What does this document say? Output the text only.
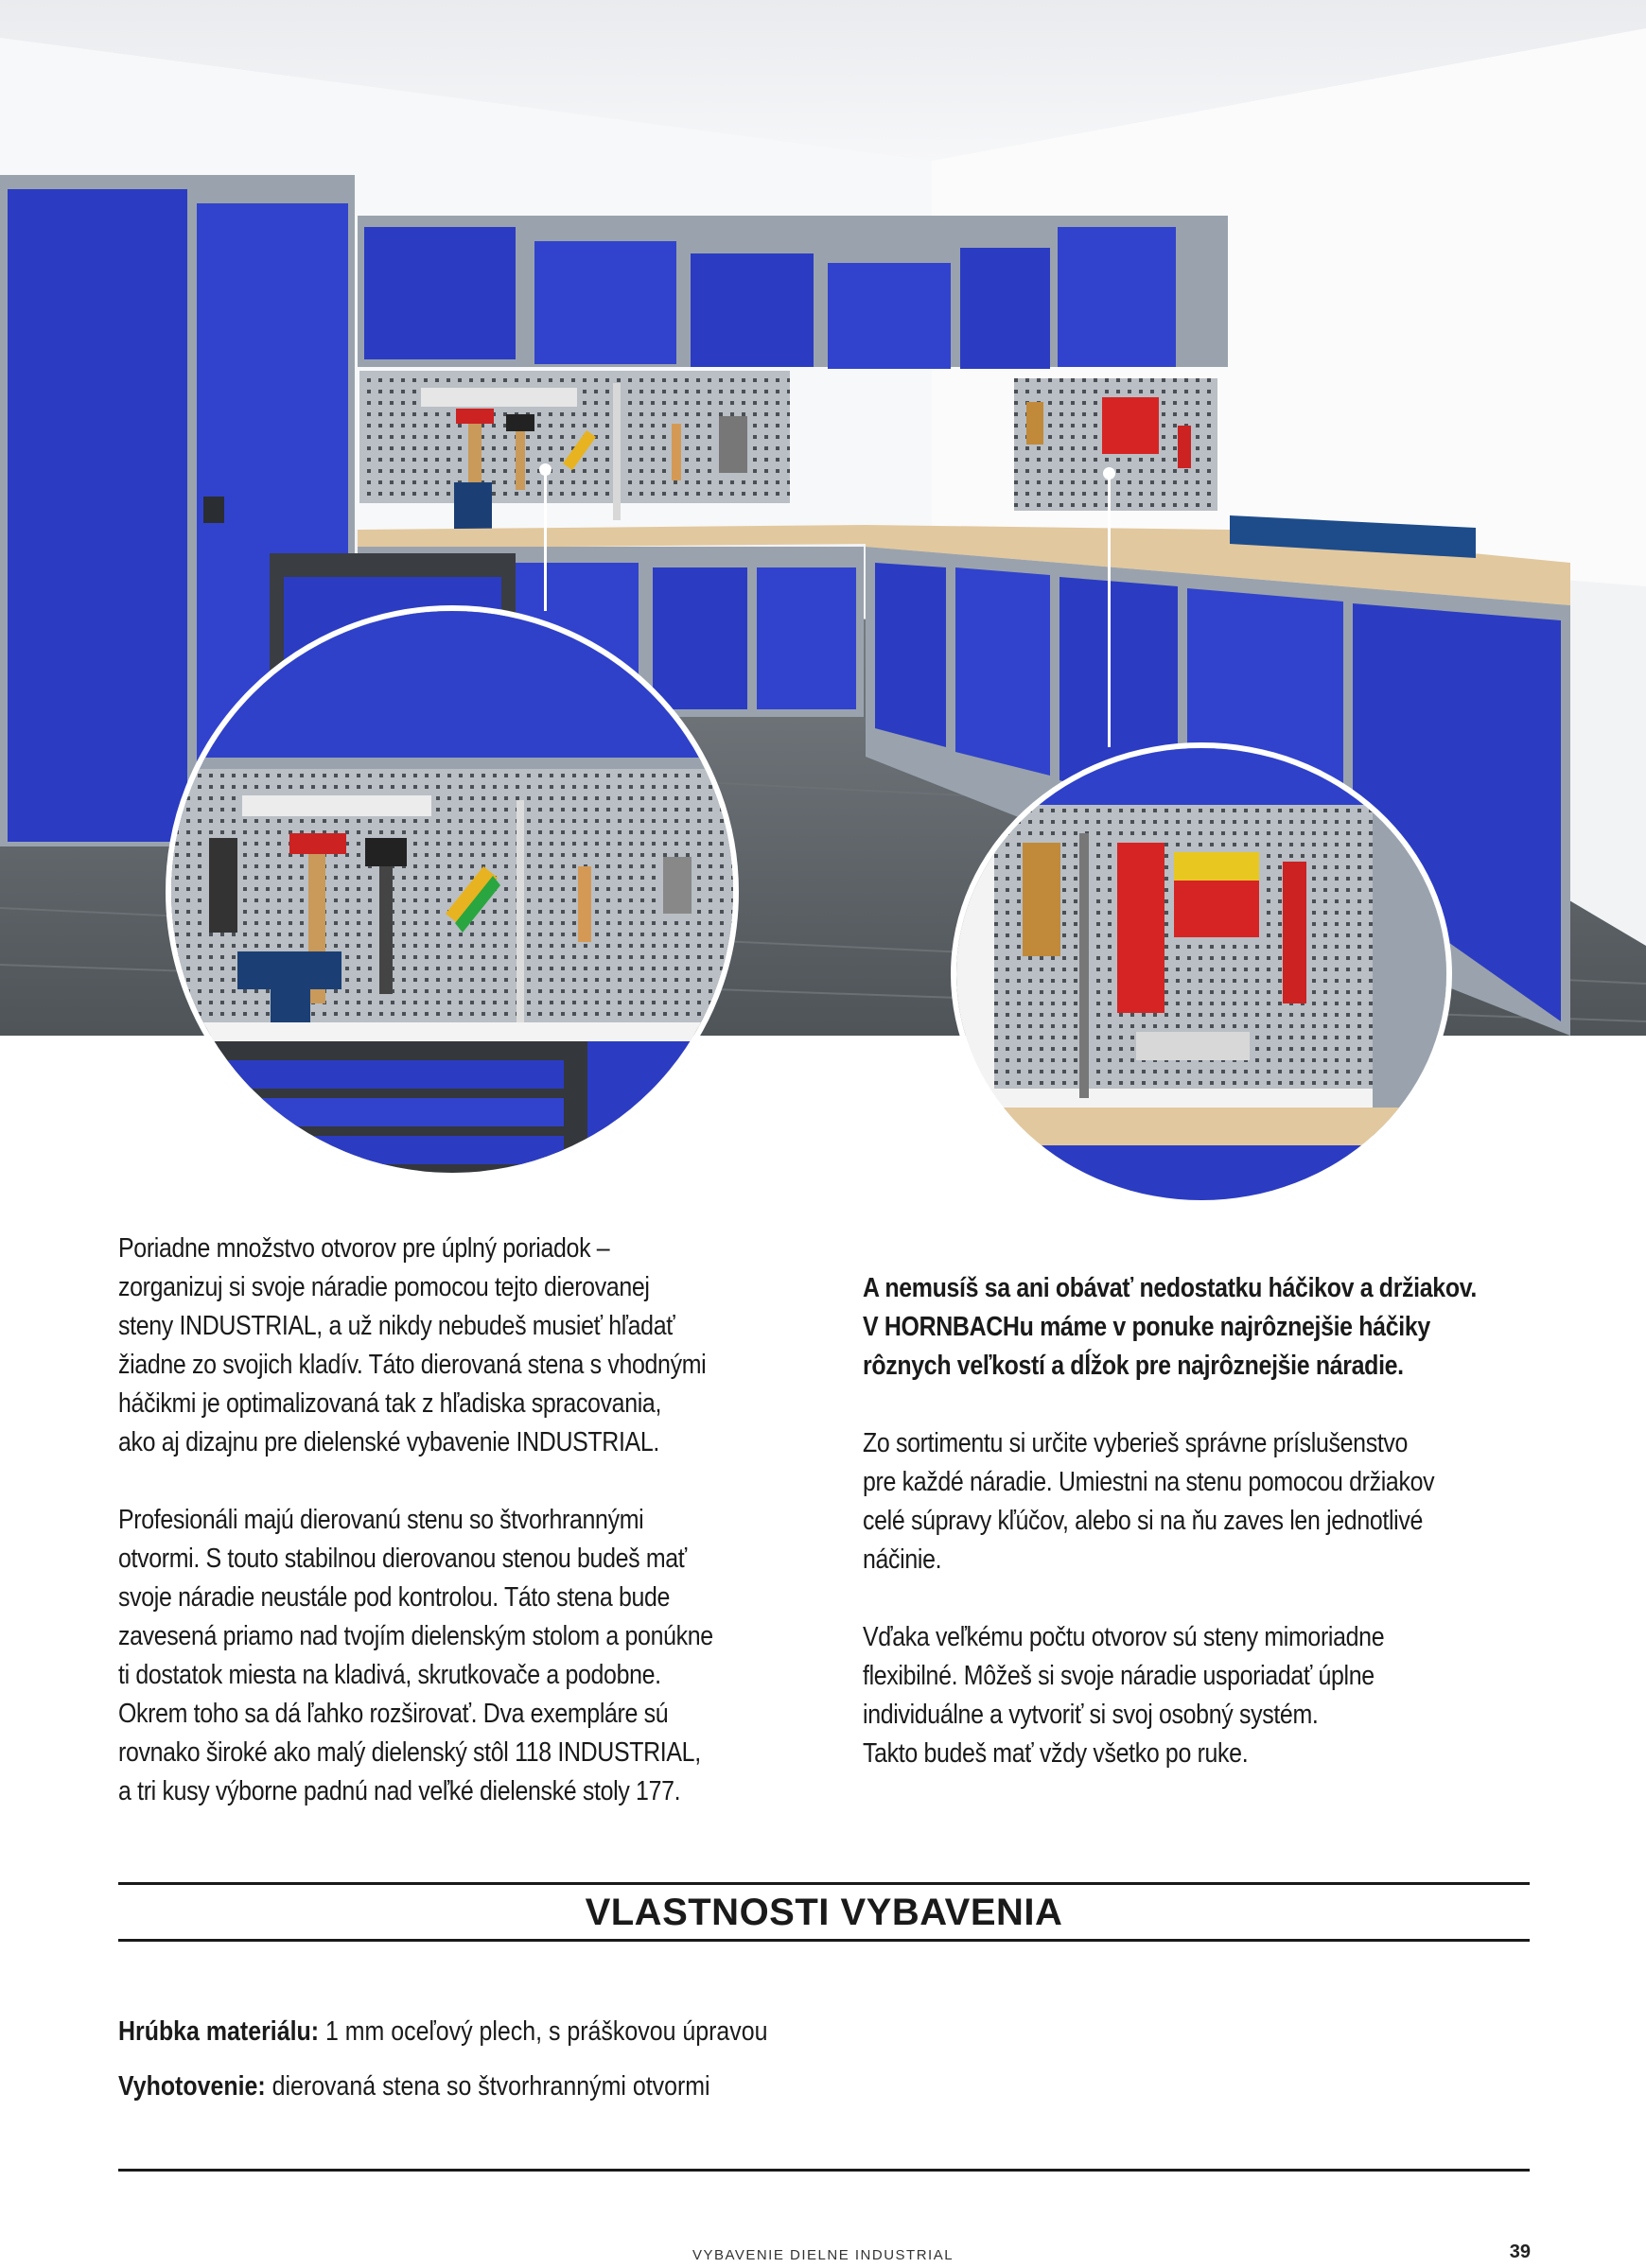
Poriadne množstvo otvorov pre úplný poriadok –
zorganizuj si svoje náradie pomocou tejto dierovanej
steny INDUSTRIAL, a už nikdy nebudeš musieť hľadať
žiadne zo svojich kladív. Táto dierovaná stena s vhodnými
háčikmi je optimalizovaná tak z hľadiska spracovania,
ako aj dizajnu pre dielenské vybavenie INDUSTRIAL.

Profesionáli majú dierovanú stenu so štvorhrannými
otvormi. S touto stabilnou dierovanou stenou budeš mať
svoje náradie neustále pod kontrolou. Táto stena bude
zavesená priamo nad tvojím dielenským stolom a ponúkne
ti dostatok miesta na kladivá, skrutkovače a podobne.
Okrem toho sa dá ľahko rozširovať. Dva exempláre sú
rovnako široké ako malý dielenský stôl 118 INDUSTRIAL,
a tri kusy výborne padnú nad veľké dielenské stoly 177.

A nemusíš sa ani obávať nedostatku háčikov a držiakov.
V HORNBACHu máme v ponuke najrôznejšie háčiky
rôznych veľkostí a dĺžok pre najrôznejšie náradie.

Zo sortimentu si určite vyberieš správne príslušenstvo
pre každé náradie. Umiestni na stenu pomocou držiakov
celé súpravy kľúčov, alebo si na ňu zaves len jednotlivé
náčinie.

Vďaka veľkému počtu otvorov sú steny mimoriadne
flexibilné. Môžeš si svoje náradie usporiadať úplne
individuálne a vytvoriť si svoj osobný systém.
Takto budeš mať vždy všetko po ruke.

VLASTNOSTI VYBAVENIA
Hrúbka materiálu: 1 mm oceľový plech, s práškovou úpravou
Vyhotovenie: dierovaná stena so štvorhrannými otvormi
VYBAVENIE DIELNE INDUSTRIAL	39
